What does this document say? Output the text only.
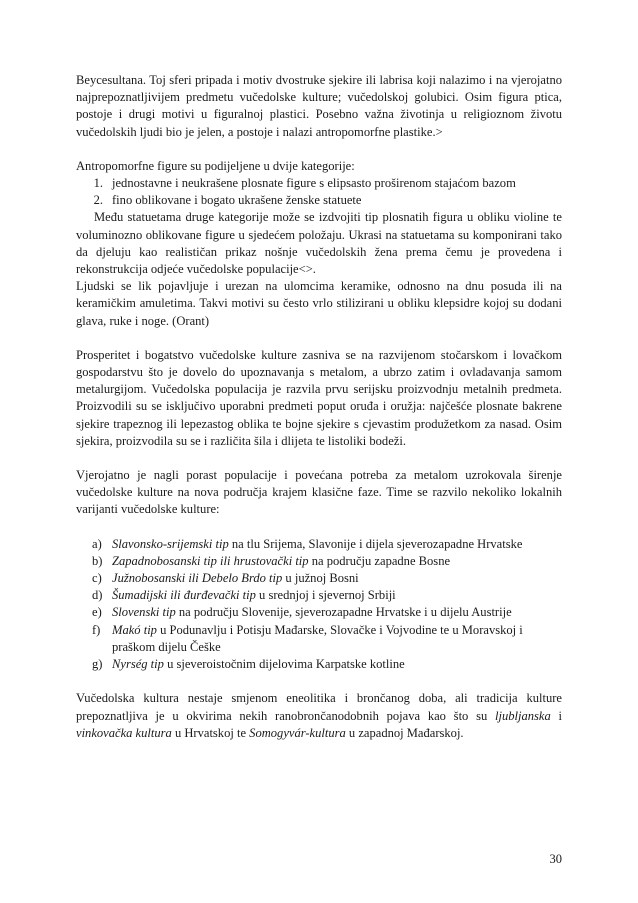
Beycesultana. Toj sferi pripada i motiv dvostruke sjekire ili labrisa koji nalazimo i na vjerojatno najprepoznatljivijem predmetu vučedolske kulture; vučedolskoj golubici. Osim figura ptica, postoje i drugi motivi u figuralnoj plastici. Posebno važna životinja u religioznom životu vučedolskih ljudi bio je jelen, a postoje i nalazi antropomorfne plastike.>

Antropomorfne figure su podijeljene u dvije kategorije:

1. jednostavne i neukrašene plosnate figure s elipsasto proširenom stajaćom bazom
2. fino oblikovane i bogato ukrašene ženske statuete

Među statuetama druge kategorije može se izdvojiti tip plosnatih figura u obliku violine te voluminozno oblikovane figure u sjedećem položaju. Ukrasi na statuetama su komponirani tako da djeluju kao realističan prikaz nošnje vučedolskih žena prema čemu je provedena i rekonstrukcija odjeće vučedolske populacije<>.

Ljudski se lik pojavljuje i urezan na ulomcima keramike, odnosno na dnu posuda ili na keramičkim amuletima. Takvi motivi su često vrlo stilizirani u obliku klepsidre kojoj su dodani glava, ruke i noge. (Orant)

Prosperitet i bogatstvo vučedolske kulture zasniva se na razvijenom stočarskom i lovačkom gospodarstvu što je dovelo do upoznavanja s metalom, a ubrzo zatim i ovladavanja samom metalurgijom. Vučedolska populacija je razvila prvu serijsku proizvodnju metalnih predmeta. Proizvodili su se isključivo uporabni predmeti poput oruđa i oružja: najčešće plosnate bakrene sjekire trapeznog ili lepezastog oblika te bojne sjekire s cjevastim produžetkom za nasad. Osim sjekira, proizvodila su se i različita šila i dlijeta te listoliki bodeži.

Vjerojatno je nagli porast populacije i povećana potreba za metalom uzrokovala širenje vučedolske kulture na nova područja krajem klasične faze. Time se razvilo nekoliko lokalnih varijanti vučedolske kulture:

a) Slavonsko-srijemski tip na tlu Srijema, Slavonije i dijela sjeverozapadne Hrvatske
b) Zapadnobosanski tip ili hrustovački tip na području zapadne Bosne
c) Južnobosanski ili Debelo Brdo tip u južnoj Bosni
d) Šumadijski ili đurđevački tip u srednjoj i sjevernoj Srbiji
e) Slovenski tip na području Slovenije, sjeverozapadne Hrvatske i u dijelu Austrije
f) Makó tip u Podunavlju i Potisju Mađarske, Slovačke i Vojvodine te u Moravskoj i praškom dijelu Češke
g) Nyrség tip u sjeveroistočnim dijelovima Karpatske kotline

Vučedolska kultura nestaje smjenom eneolitika i brončanog doba, ali tradicija kulture prepoznatljiva je u okvirima nekih ranobrončanodobnih pojava kao što su ljubljanska i vinkovačka kultura u Hrvatskoj te Somogyvár-kultura u zapadnoj Mađarskoj.

30
